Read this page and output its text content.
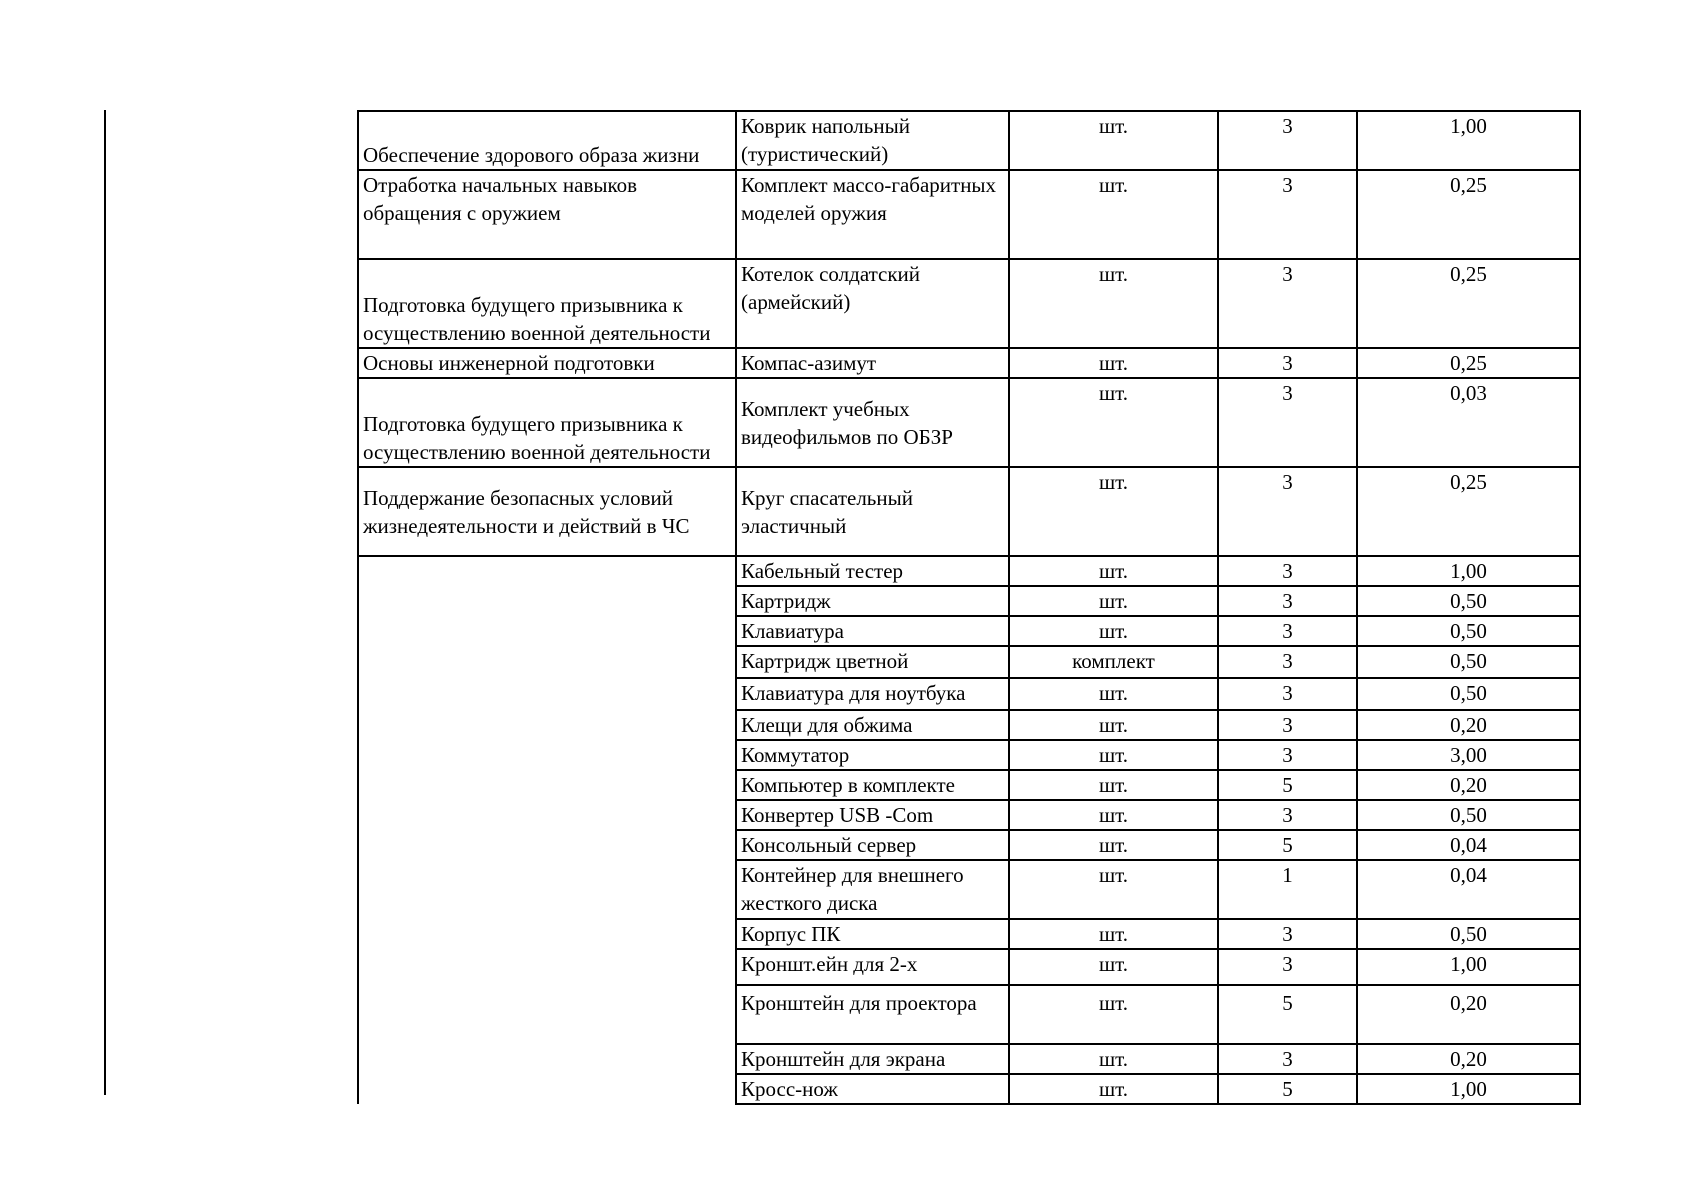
Обеспечение здорового образа жизни	Коврик напольный (туристический)	шт.	3	1,00
Отработка начальных навыков обращения с оружием	Комплект массо-габаритных моделей оружия	шт.	3	0,25
Подготовка будущего призывника к осуществлению военной деятельности	Котелок солдатский (армейский)	шт.	3	0,25
Основы инженерной подготовки	Компас-азимут	шт.	3	0,25
Подготовка будущего призывника к осуществлению военной деятельности	Комплект учебных видеофильмов по ОБЗР	шт.	3	0,03
Поддержание безопасных условий жизнедеятельности и действий в ЧС	Круг спасательный эластичный	шт.	3	0,25
	Кабельный тестер	шт.	3	1,00
	Картридж	шт.	3	0,50
	Клавиатура	шт.	3	0,50
	Картридж цветной	комплект	3	0,50
	Клавиатура для ноутбука	шт.	3	0,50
	Клещи для обжима	шт.	3	0,20
	Коммутатор	шт.	3	3,00
	Компьютер в комплекте	шт.	5	0,20
	Конвертер USB -Com	шт.	3	0,50
	Консольный сервер	шт.	5	0,04
	Контейнер для внешнего жесткого диска	шт.	1	0,04
	Корпус ПК	шт.	3	0,50
	Кроншт.ейн для 2-х	шт.	3	1,00
	Кронштейн для проектора	шт.	5	0,20
	Кронштейн для экрана	шт.	3	0,20
	Кросс-нож	шт.	5	1,00
